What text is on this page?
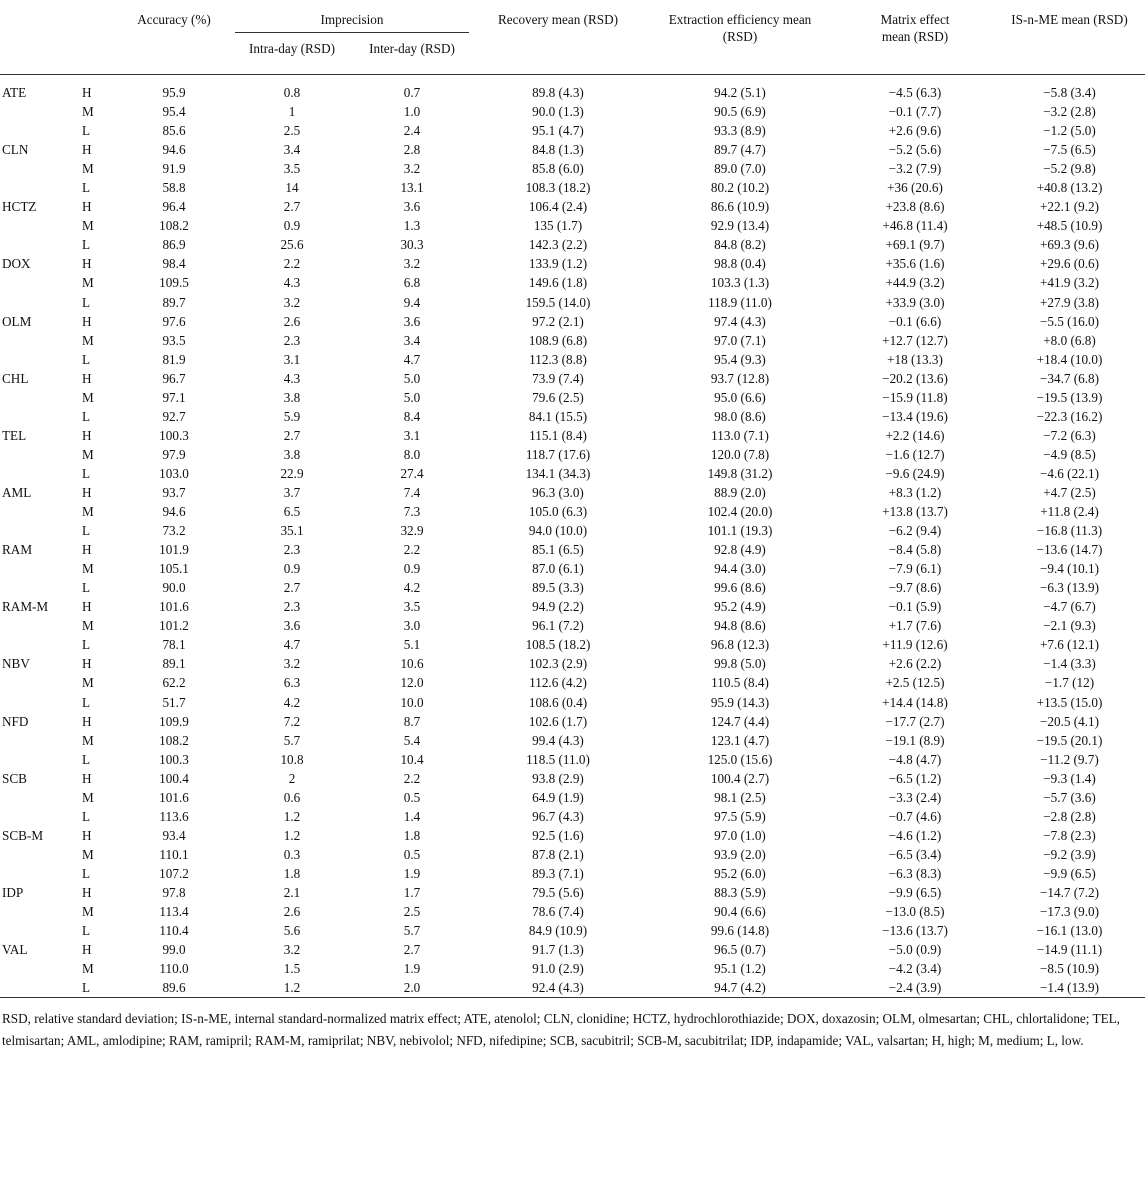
		Accuracy (%)	Imprecision		Recovery mean (RSD)	Extraction efficiency mean (RSD)	Matrix effect mean (RSD)	IS-n-ME mean (RSD)
			Intra-day (RSD)	Inter-day (RSD)				

ATE	H	95.9	0.8	0.7	89.8 (4.3)	94.2 (5.1)	−4.5 (6.3)	−5.8 (3.4)
	M	95.4	1	1.0	90.0 (1.3)	90.5 (6.9)	−0.1 (7.7)	−3.2 (2.8)
	L	85.6	2.5	2.4	95.1 (4.7)	93.3 (8.9)	+2.6 (9.6)	−1.2 (5.0)
CLN	H	94.6	3.4	2.8	84.8 (1.3)	89.7 (4.7)	−5.2 (5.6)	−7.5 (6.5)
	M	91.9	3.5	3.2	85.8 (6.0)	89.0 (7.0)	−3.2 (7.9)	−5.2 (9.8)
	L	58.8	14	13.1	108.3 (18.2)	80.2 (10.2)	+36 (20.6)	+40.8 (13.2)
HCTZ	H	96.4	2.7	3.6	106.4 (2.4)	86.6 (10.9)	+23.8 (8.6)	+22.1 (9.2)
	M	108.2	0.9	1.3	135 (1.7)	92.9 (13.4)	+46.8 (11.4)	+48.5 (10.9)
	L	86.9	25.6	30.3	142.3 (2.2)	84.8 (8.2)	+69.1 (9.7)	+69.3 (9.6)
DOX	H	98.4	2.2	3.2	133.9 (1.2)	98.8 (0.4)	+35.6 (1.6)	+29.6 (0.6)
	M	109.5	4.3	6.8	149.6 (1.8)	103.3 (1.3)	+44.9 (3.2)	+41.9 (3.2)
	L	89.7	3.2	9.4	159.5 (14.0)	118.9 (11.0)	+33.9 (3.0)	+27.9 (3.8)
OLM	H	97.6	2.6	3.6	97.2 (2.1)	97.4 (4.3)	−0.1 (6.6)	−5.5 (16.0)
	M	93.5	2.3	3.4	108.9 (6.8)	97.0 (7.1)	+12.7 (12.7)	+8.0 (6.8)
	L	81.9	3.1	4.7	112.3 (8.8)	95.4 (9.3)	+18 (13.3)	+18.4 (10.0)
CHL	H	96.7	4.3	5.0	73.9 (7.4)	93.7 (12.8)	−20.2 (13.6)	−34.7 (6.8)
	M	97.1	3.8	5.0	79.6 (2.5)	95.0 (6.6)	−15.9 (11.8)	−19.5 (13.9)
	L	92.7	5.9	8.4	84.1 (15.5)	98.0 (8.6)	−13.4 (19.6)	−22.3 (16.2)
TEL	H	100.3	2.7	3.1	115.1 (8.4)	113.0 (7.1)	+2.2 (14.6)	−7.2 (6.3)
	M	97.9	3.8	8.0	118.7 (17.6)	120.0 (7.8)	−1.6 (12.7)	−4.9 (8.5)
	L	103.0	22.9	27.4	134.1 (34.3)	149.8 (31.2)	−9.6 (24.9)	−4.6 (22.1)
AML	H	93.7	3.7	7.4	96.3 (3.0)	88.9 (2.0)	+8.3 (1.2)	+4.7 (2.5)
	M	94.6	6.5	7.3	105.0 (6.3)	102.4 (20.0)	+13.8 (13.7)	+11.8 (2.4)
	L	73.2	35.1	32.9	94.0 (10.0)	101.1 (19.3)	−6.2 (9.4)	−16.8 (11.3)
RAM	H	101.9	2.3	2.2	85.1 (6.5)	92.8 (4.9)	−8.4 (5.8)	−13.6 (14.7)
	M	105.1	0.9	0.9	87.0 (6.1)	94.4 (3.0)	−7.9 (6.1)	−9.4 (10.1)
	L	90.0	2.7	4.2	89.5 (3.3)	99.6 (8.6)	−9.7 (8.6)	−6.3 (13.9)
RAM-M	H	101.6	2.3	3.5	94.9 (2.2)	95.2 (4.9)	−0.1 (5.9)	−4.7 (6.7)
	M	101.2	3.6	3.0	96.1 (7.2)	94.8 (8.6)	+1.7 (7.6)	−2.1 (9.3)
	L	78.1	4.7	5.1	108.5 (18.2)	96.8 (12.3)	+11.9 (12.6)	+7.6 (12.1)
NBV	H	89.1	3.2	10.6	102.3 (2.9)	99.8 (5.0)	+2.6 (2.2)	−1.4 (3.3)
	M	62.2	6.3	12.0	112.6 (4.2)	110.5 (8.4)	+2.5 (12.5)	−1.7 (12)
	L	51.7	4.2	10.0	108.6 (0.4)	95.9 (14.3)	+14.4 (14.8)	+13.5 (15.0)
NFD	H	109.9	7.2	8.7	102.6 (1.7)	124.7 (4.4)	−17.7 (2.7)	−20.5 (4.1)
	M	108.2	5.7	5.4	99.4 (4.3)	123.1 (4.7)	−19.1 (8.9)	−19.5 (20.1)
	L	100.3	10.8	10.4	118.5 (11.0)	125.0 (15.6)	−4.8 (4.7)	−11.2 (9.7)
SCB	H	100.4	2	2.2	93.8 (2.9)	100.4 (2.7)	−6.5 (1.2)	−9.3 (1.4)
	M	101.6	0.6	0.5	64.9 (1.9)	98.1 (2.5)	−3.3 (2.4)	−5.7 (3.6)
	L	113.6	1.2	1.4	96.7 (4.3)	97.5 (5.9)	−0.7 (4.6)	−2.8 (2.8)
SCB-M	H	93.4	1.2	1.8	92.5 (1.6)	97.0 (1.0)	−4.6 (1.2)	−7.8 (2.3)
	M	110.1	0.3	0.5	87.8 (2.1)	93.9 (2.0)	−6.5 (3.4)	−9.2 (3.9)
	L	107.2	1.8	1.9	89.3 (7.1)	95.2 (6.0)	−6.3 (8.3)	−9.9 (6.5)
IDP	H	97.8	2.1	1.7	79.5 (5.6)	88.3 (5.9)	−9.9 (6.5)	−14.7 (7.2)
	M	113.4	2.6	2.5	78.6 (7.4)	90.4 (6.6)	−13.0 (8.5)	−17.3 (9.0)
	L	110.4	5.6	5.7	84.9 (10.9)	99.6 (14.8)	−13.6 (13.7)	−16.1 (13.0)
VAL	H	99.0	3.2	2.7	91.7 (1.3)	96.5 (0.7)	−5.0 (0.9)	−14.9 (11.1)
	M	110.0	1.5	1.9	91.0 (2.9)	95.1 (1.2)	−4.2 (3.4)	−8.5 (10.9)
	L	89.6	1.2	2.0	92.4 (4.3)	94.7 (4.2)	−2.4 (3.9)	−1.4 (13.9)
RSD, relative standard deviation; IS-n-ME, internal standard-normalized matrix effect; ATE, atenolol; CLN, clonidine; HCTZ, hydrochlorothiazide; DOX, doxazosin; OLM, olmesartan; CHL, chlortalidone; TEL, telmisartan; AML, amlodipine; RAM, ramipril; RAM-M, ramiprilat; NBV, nebivolol; NFD, nifedipine; SCB, sacubitril; SCB-M, sacubitrilat; IDP, indapamide; VAL, valsartan; H, high; M, medium; L, low.
